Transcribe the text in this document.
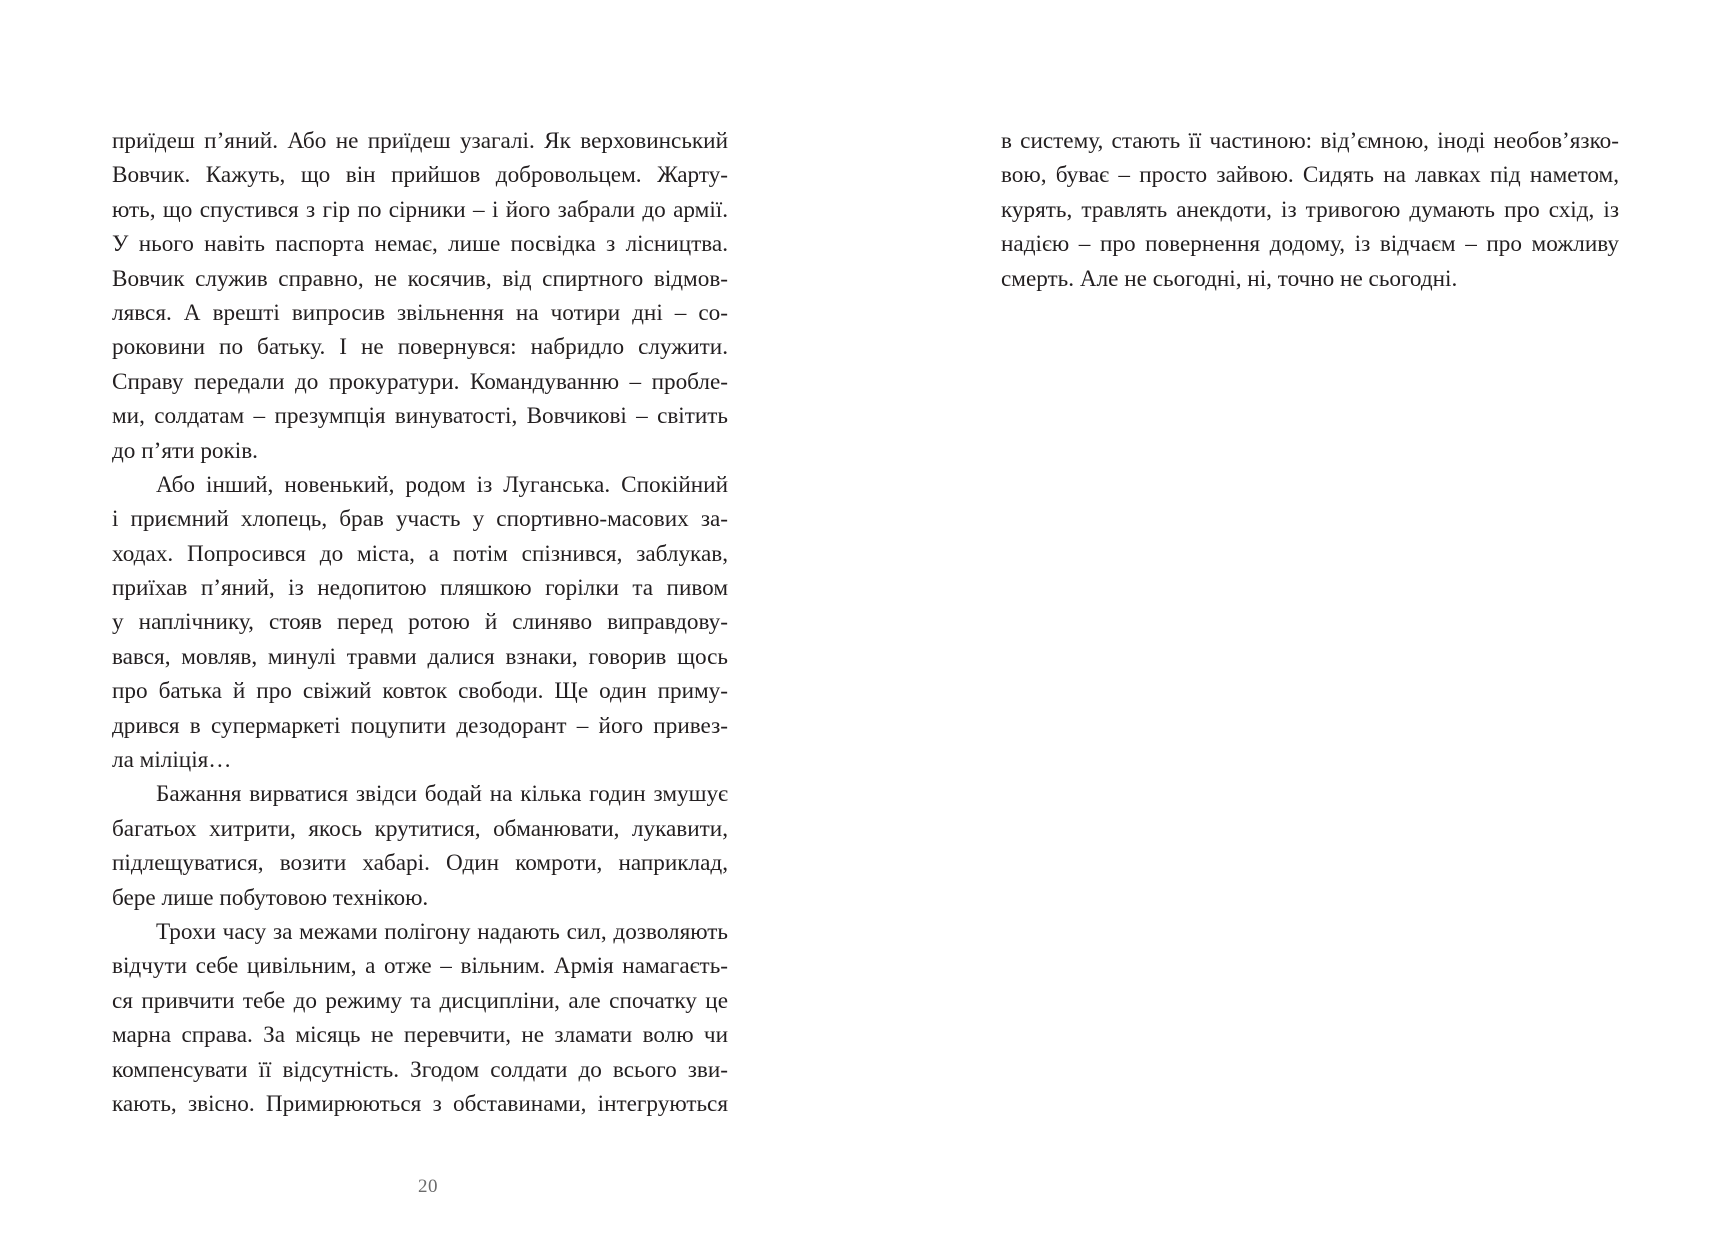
приїдеш п’яний. Або не приїдеш узагалі. Як верховинський
Вовчик. Кажуть, що він прийшов добровольцем. Жарту-
ють, що спустився з гір по сірники – і його забрали до армії.
У нього навіть паспорта немає, лише посвідка з лісництва.
Вовчик служив справно, не косячив, від спиртного відмов-
лявся. А врешті випросив звільнення на чотири дні – со-
роковини по батьку. І не повернувся: набридло служити.
Справу передали до прокуратури. Командуванню – пробле-
ми, солдатам – презумпція винуватості, Вовчикові – світить
до п’яти років.
Або інший, новенький, родом із Луганська. Спокійний
і приємний хлопець, брав участь у спортивно-масових за-
ходах. Попросився до міста, а потім спізнився, заблукав,
приїхав п’яний, із недопитою пляшкою горілки та пивом
у наплічнику, стояв перед ротою й слиняво виправдову-
вався, мовляв, минулі травми далися взнаки, говорив щось
про батька й про свіжий ковток свободи. Ще один приму-
дрився в супермаркеті поцупити дезодорант – його привез-
ла міліція…
Бажання вирватися звідси бодай на кілька годин змушує
багатьох хитрити, якось крутитися, обманювати, лукавити,
підлещуватися, возити хабарі. Один комроти, наприклад,
бере лише побутовою технікою.
Трохи часу за межами полігону надають сил, дозволяють
відчути себе цивільним, а отже – вільним. Армія намагаєть-
ся привчити тебе до режиму та дисципліни, але спочатку це
марна справа. За місяць не перевчити, не зламати волю чи
компенсувати її відсутність. Згодом солдати до всього зви-
кають, звісно. Примирюються з обставинами, інтегруються
20
в систему, стають її частиною: від’ємною, іноді необов’язко-
вою, буває – просто зайвою. Сидять на лавках під наметом,
курять, травлять анекдоти, із тривогою думають про схід, із
надією – про повернення додому, із відчаєм – про можливу
смерть. Але не сьогодні, ні, точно не сьогодні.
